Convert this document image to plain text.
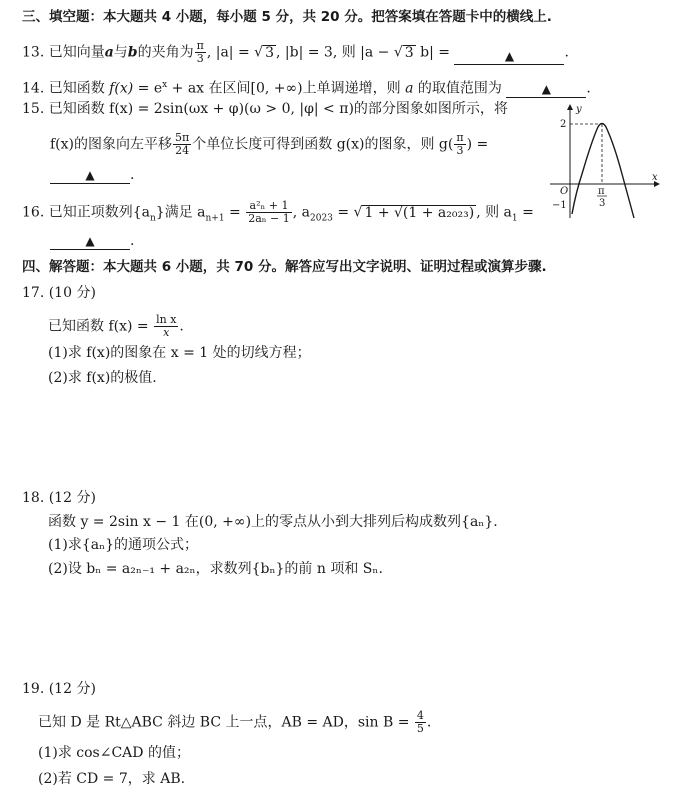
三、填空题：本大题共 4 小题，每小题 5 分，共 20 分。把答案填在答题卡中的横线上.
13. 已知向量a与b的夹角为 $\frac{\pi}{3}$ , |a| = √ 3 , |b| = 3, 则 |a − √ 3 b| =	▲	.
14. 已知函数 $f(x) = e^x$ + ax 在区间[0, +∞)上单调递增，则 a 的取值范围为	▲	.
15. 已知函数 f(x) = 2sin(ωx + φ)(ω > 0, |φ| < π)的部分图象如图所示，将
f(x)的图象向左平移 $\frac{5\pi}{24}$ 个单位长度可得到函数 g(x)的图象，则 $g( \frac{\pi}{3}$ ) =
▲	.
y
x
O
2
−1
π
3
16. 已知正项数列$\{a_n\}$满足 $a_{n+1} = \frac{\text{a²ₙ + 1}}{\text{2aₙ − 1}}$ , $a_{2023}$ = √ 1 + √(1 + a₂₀₂₃) , 则 $a_1$ =
▲	.
四、解答题：本大题共 6 小题，共 70 分。解答应写出文字说明、证明过程或演算步骤.
17. (10 分)
已知函数 $f(x) = \frac{\text{ln x}}{x}$ .
(1)求 f(x)的图象在 x = 1 处的切线方程；
(2)求 f(x)的极值.
18. (12 分)
函数 y = 2sin x − 1 在(0, +∞)上的零点从小到大排列后构成数列{aₙ}.
(1)求{aₙ}的通项公式；
(2)设 bₙ = a₂ₙ₋₁ + a₂ₙ，求数列{bₙ}的前 n 项和 Sₙ.
19. (12 分)
已知 D 是 Rt△ABC 斜边 BC 上一点，AB = AD，$\sin B = \frac{4}{5}$ .
(1)求 cos∠CAD 的值；
(2)若 CD = 7，求 AB.
